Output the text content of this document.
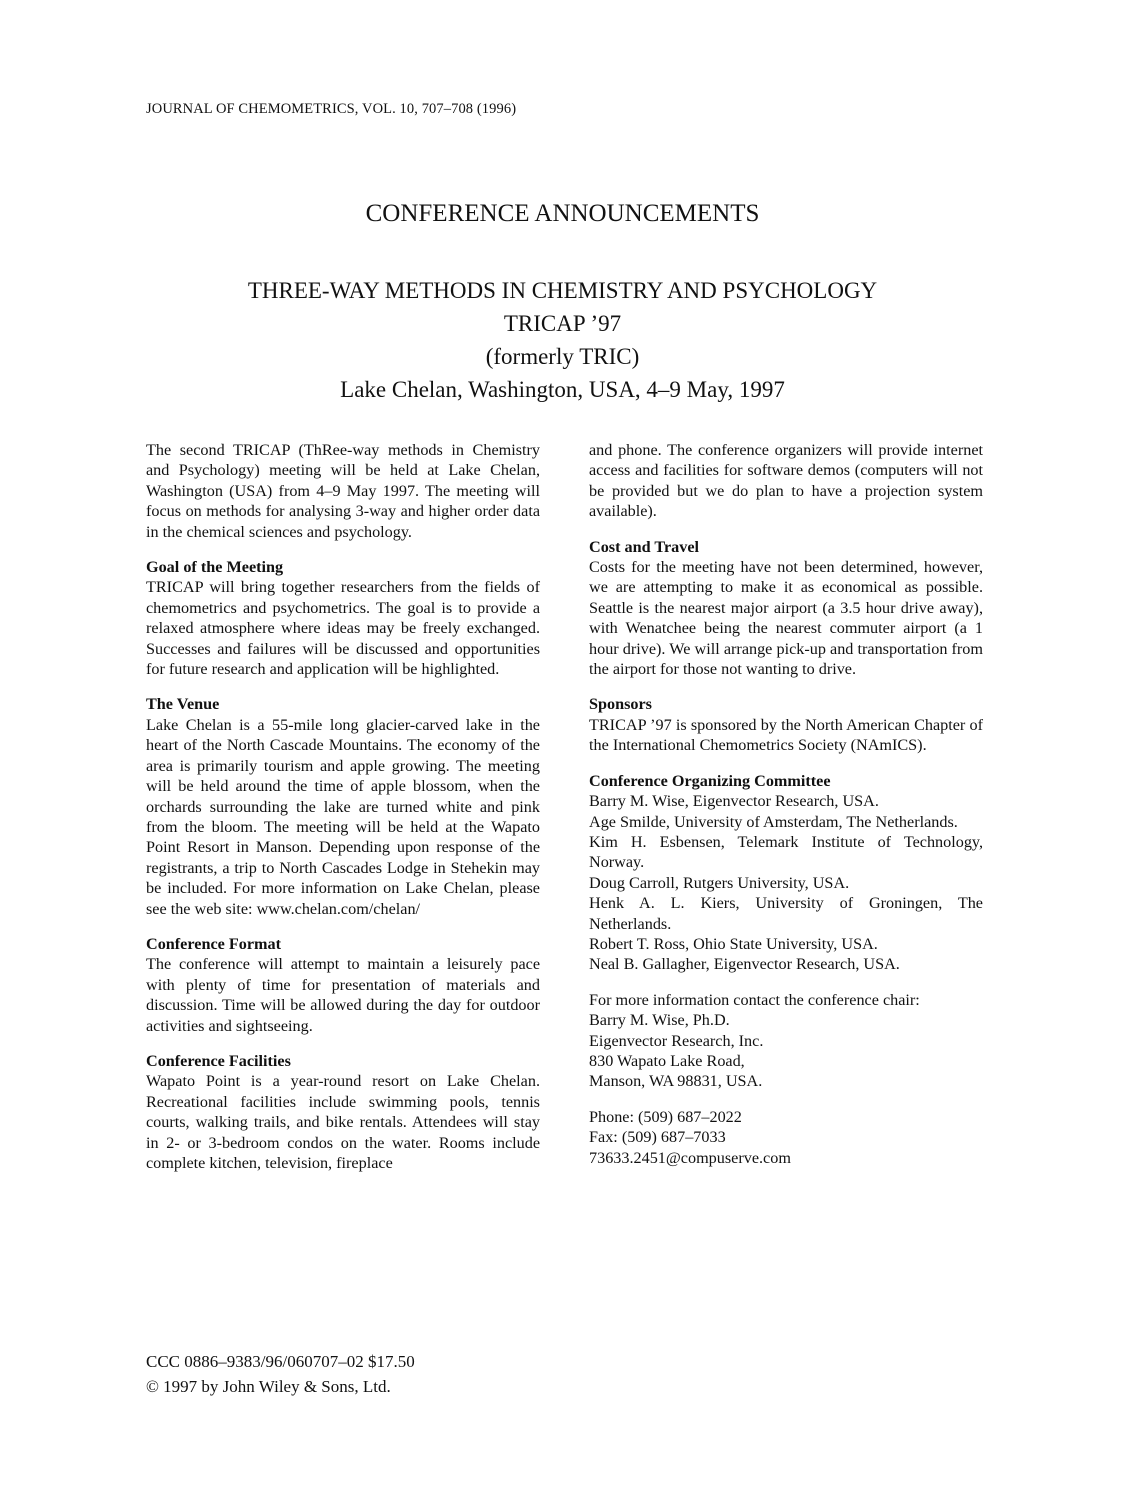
JOURNAL OF CHEMOMETRICS, VOL. 10, 707–708 (1996)
CONFERENCE ANNOUNCEMENTS
THREE-WAY METHODS IN CHEMISTRY AND PSYCHOLOGY
TRICAP ’97
(formerly TRIC)
Lake Chelan, Washington, USA, 4–9 May, 1997

The second TRICAP (ThRee-way methods in Chemistry and Psychology) meeting will be held at Lake Chelan, Washington (USA) from 4–9 May 1997. The meeting will focus on methods for analysing 3-way and higher order data in the chemical sciences and psychology.

Goal of the Meeting

TRICAP will bring together researchers from the fields of chemometrics and psychometrics. The goal is to provide a relaxed atmosphere where ideas may be freely exchanged. Successes and failures will be discussed and opportunities for future research and application will be highlighted.

The Venue

Lake Chelan is a 55-mile long glacier-carved lake in the heart of the North Cascade Mountains. The economy of the area is primarily tourism and apple growing. The meeting will be held around the time of apple blossom, when the orchards surrounding the lake are turned white and pink from the bloom. The meeting will be held at the Wapato Point Resort in Manson. Depending upon response of the registrants, a trip to North Cascades Lodge in Stehekin may be included. For more information on Lake Chelan, please see the web site: www.chelan.com/chelan/

Conference Format

The conference will attempt to maintain a leisurely pace with plenty of time for presentation of materials and discussion. Time will be allowed during the day for outdoor activities and sightseeing.

Conference Facilities

Wapato Point is a year-round resort on Lake Chelan. Recreational facilities include swimming pools, tennis courts, walking trails, and bike rentals. Attendees will stay in 2- or 3-bedroom condos on the water. Rooms include complete kitchen, television, fireplace

and phone. The conference organizers will provide internet access and facilities for software demos (computers will not be provided but we do plan to have a projection system available).

Cost and Travel

Costs for the meeting have not been determined, however, we are attempting to make it as economical as possible. Seattle is the nearest major airport (a 3.5 hour drive away), with Wenatchee being the nearest commuter airport (a 1 hour drive). We will arrange pick-up and transportation from the airport for those not wanting to drive.

Sponsors

TRICAP ’97 is sponsored by the North American Chapter of the International Chemometrics Society (NAmICS).

Conference Organizing Committee
Barry M. Wise, Eigenvector Research, USA.
Age Smilde, University of Amsterdam, The Netherlands.
Kim H. Esbensen, Telemark Institute of Technology, Norway.
Doug Carroll, Rutgers University, USA.
Henk A. L. Kiers, University of Groningen, The Netherlands.
Robert T. Ross, Ohio State University, USA.
Neal B. Gallagher, Eigenvector Research, USA.
For more information contact the conference chair:
Barry M. Wise, Ph.D.
Eigenvector Research, Inc.
830 Wapato Lake Road,
Manson, WA 98831, USA.
Phone: (509) 687–2022
Fax: (509) 687–7033
73633.2451@compuserve.com
CCC 0886–9383/96/060707–02 $17.50
© 1997 by John Wiley & Sons, Ltd.
